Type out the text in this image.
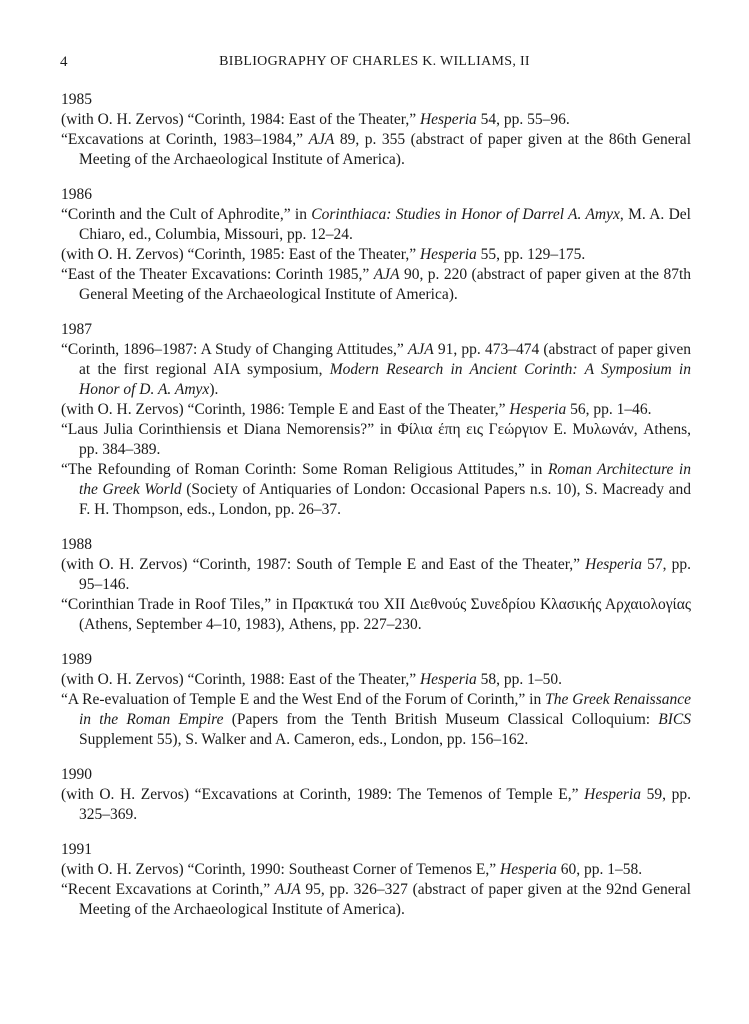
4	BIBLIOGRAPHY OF CHARLES K. WILLIAMS, II
1985

(with O. H. Zervos) “Corinth, 1984: East of the Theater,” Hesperia 54, pp. 55–96.

“Excavations at Corinth, 1983–1984,” AJA 89, p. 355 (abstract of paper given at the 86th General Meeting of the Archaeological Institute of America).

1986

“Corinth and the Cult of Aphrodite,” in Corinthiaca: Studies in Honor of Darrel A. Amyx, M. A. Del Chiaro, ed., Columbia, Missouri, pp. 12–24.

(with O. H. Zervos) “Corinth, 1985: East of the Theater,” Hesperia 55, pp. 129–175.

“East of the Theater Excavations: Corinth 1985,” AJA 90, p. 220 (abstract of paper given at the 87th General Meeting of the Archaeological Institute of America).

1987

“Corinth, 1896–1987: A Study of Changing Attitudes,” AJA 91, pp. 473–474 (abstract of paper given at the first regional AIA symposium, Modern Research in Ancient Corinth: A Symposium in Honor of D. A. Amyx).

(with O. H. Zervos) “Corinth, 1986: Temple E and East of the Theater,” Hesperia 56, pp. 1–46.

“Laus Julia Corinthiensis et Diana Nemorensis?” in Φίλια έπη εις Γεώργιον Ε. Μυλωνάν, Athens, pp. 384–389.

“The Refounding of Roman Corinth: Some Roman Religious Attitudes,” in Roman Architecture in the Greek World (Society of Antiquaries of London: Occasional Papers n.s. 10), S. Macready and F. H. Thompson, eds., London, pp. 26–37.

1988

(with O. H. Zervos) “Corinth, 1987: South of Temple E and East of the Theater,” Hesperia 57, pp. 95–146.

“Corinthian Trade in Roof Tiles,” in Πρακτικά του XII Διεθνούς Συνεδρίου Κλασικής Αρχαιολογίας (Athens, September 4–10, 1983), Athens, pp. 227–230.

1989

(with O. H. Zervos) “Corinth, 1988: East of the Theater,” Hesperia 58, pp. 1–50.

“A Re-evaluation of Temple E and the West End of the Forum of Corinth,” in The Greek Renaissance in the Roman Empire (Papers from the Tenth British Museum Classical Colloquium: BICS Supplement 55), S. Walker and A. Cameron, eds., London, pp. 156–162.

1990

(with O. H. Zervos) “Excavations at Corinth, 1989: The Temenos of Temple E,” Hesperia 59, pp. 325–369.

1991

(with O. H. Zervos) “Corinth, 1990: Southeast Corner of Temenos E,” Hesperia 60, pp. 1–58.

“Recent Excavations at Corinth,” AJA 95, pp. 326–327 (abstract of paper given at the 92nd General Meeting of the Archaeological Institute of America).
